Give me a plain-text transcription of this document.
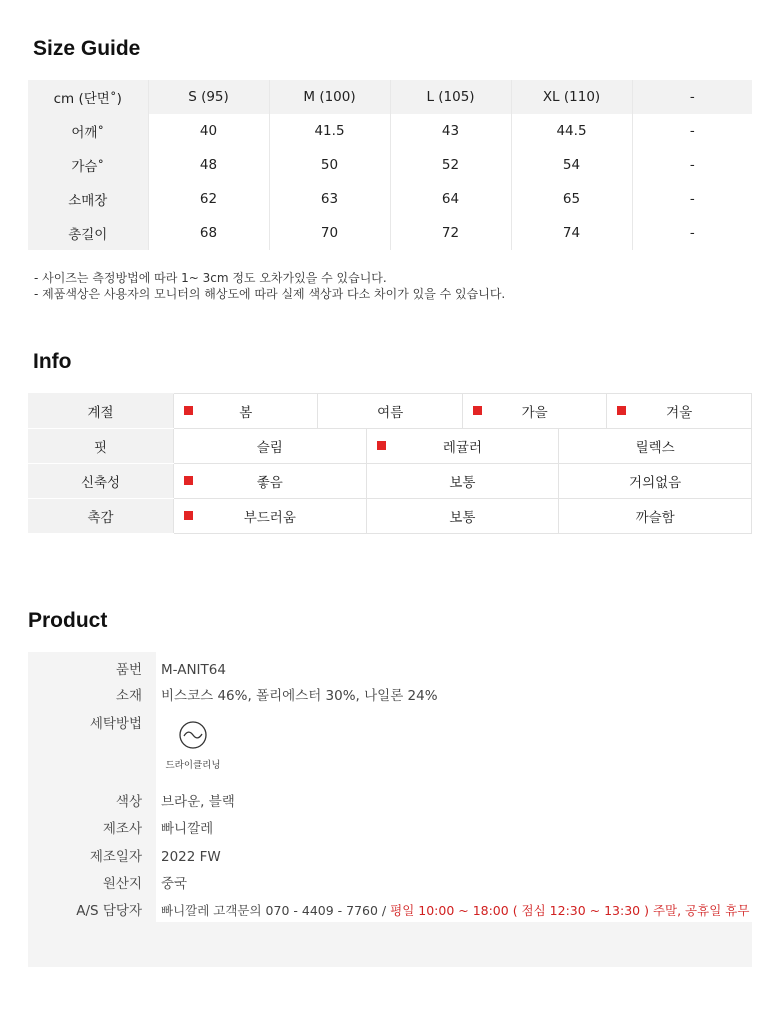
Size Guide
cm (단면˚)	S (95)	M (100)	L (105)	XL (110)	-
어깨˚	40	41.5	43	44.5	-
가슴˚	48	50	52	54	-
소매장	62	63	64	65	-
총길이	68	70	72	74	-

- 사이즈는 측정방법에 따라 1~ 3cm 정도 오차가있을 수 있습니다.

- 제품색상은 사용자의 모니터의 해상도에 따라 실제 색상과 다소 차이가 있을 수 있습니다.

Info
계절	봄	여름		가을		겨울
핏	슬림		레귤러		릴렉스	
신축성	좋음		보통		거의없음	
촉감	부드러움		보통		까슬함	
Product
품번 M-ANIT64
소재 비스코스 46%, 폴리에스터 30%, 나일론 24%
세탁방법
드라이클리닝
색상 브라운, 블랙
제조사 빠니깔레
제조일자 2022 FW
원산지 중국
A/S 담당자 빠니깔레 고객문의 070 - 4409 - 7760 / 평일 10:00 ~ 18:00 ( 점심 12:30 ~ 13:30 ) 주말, 공휴일 휴무
